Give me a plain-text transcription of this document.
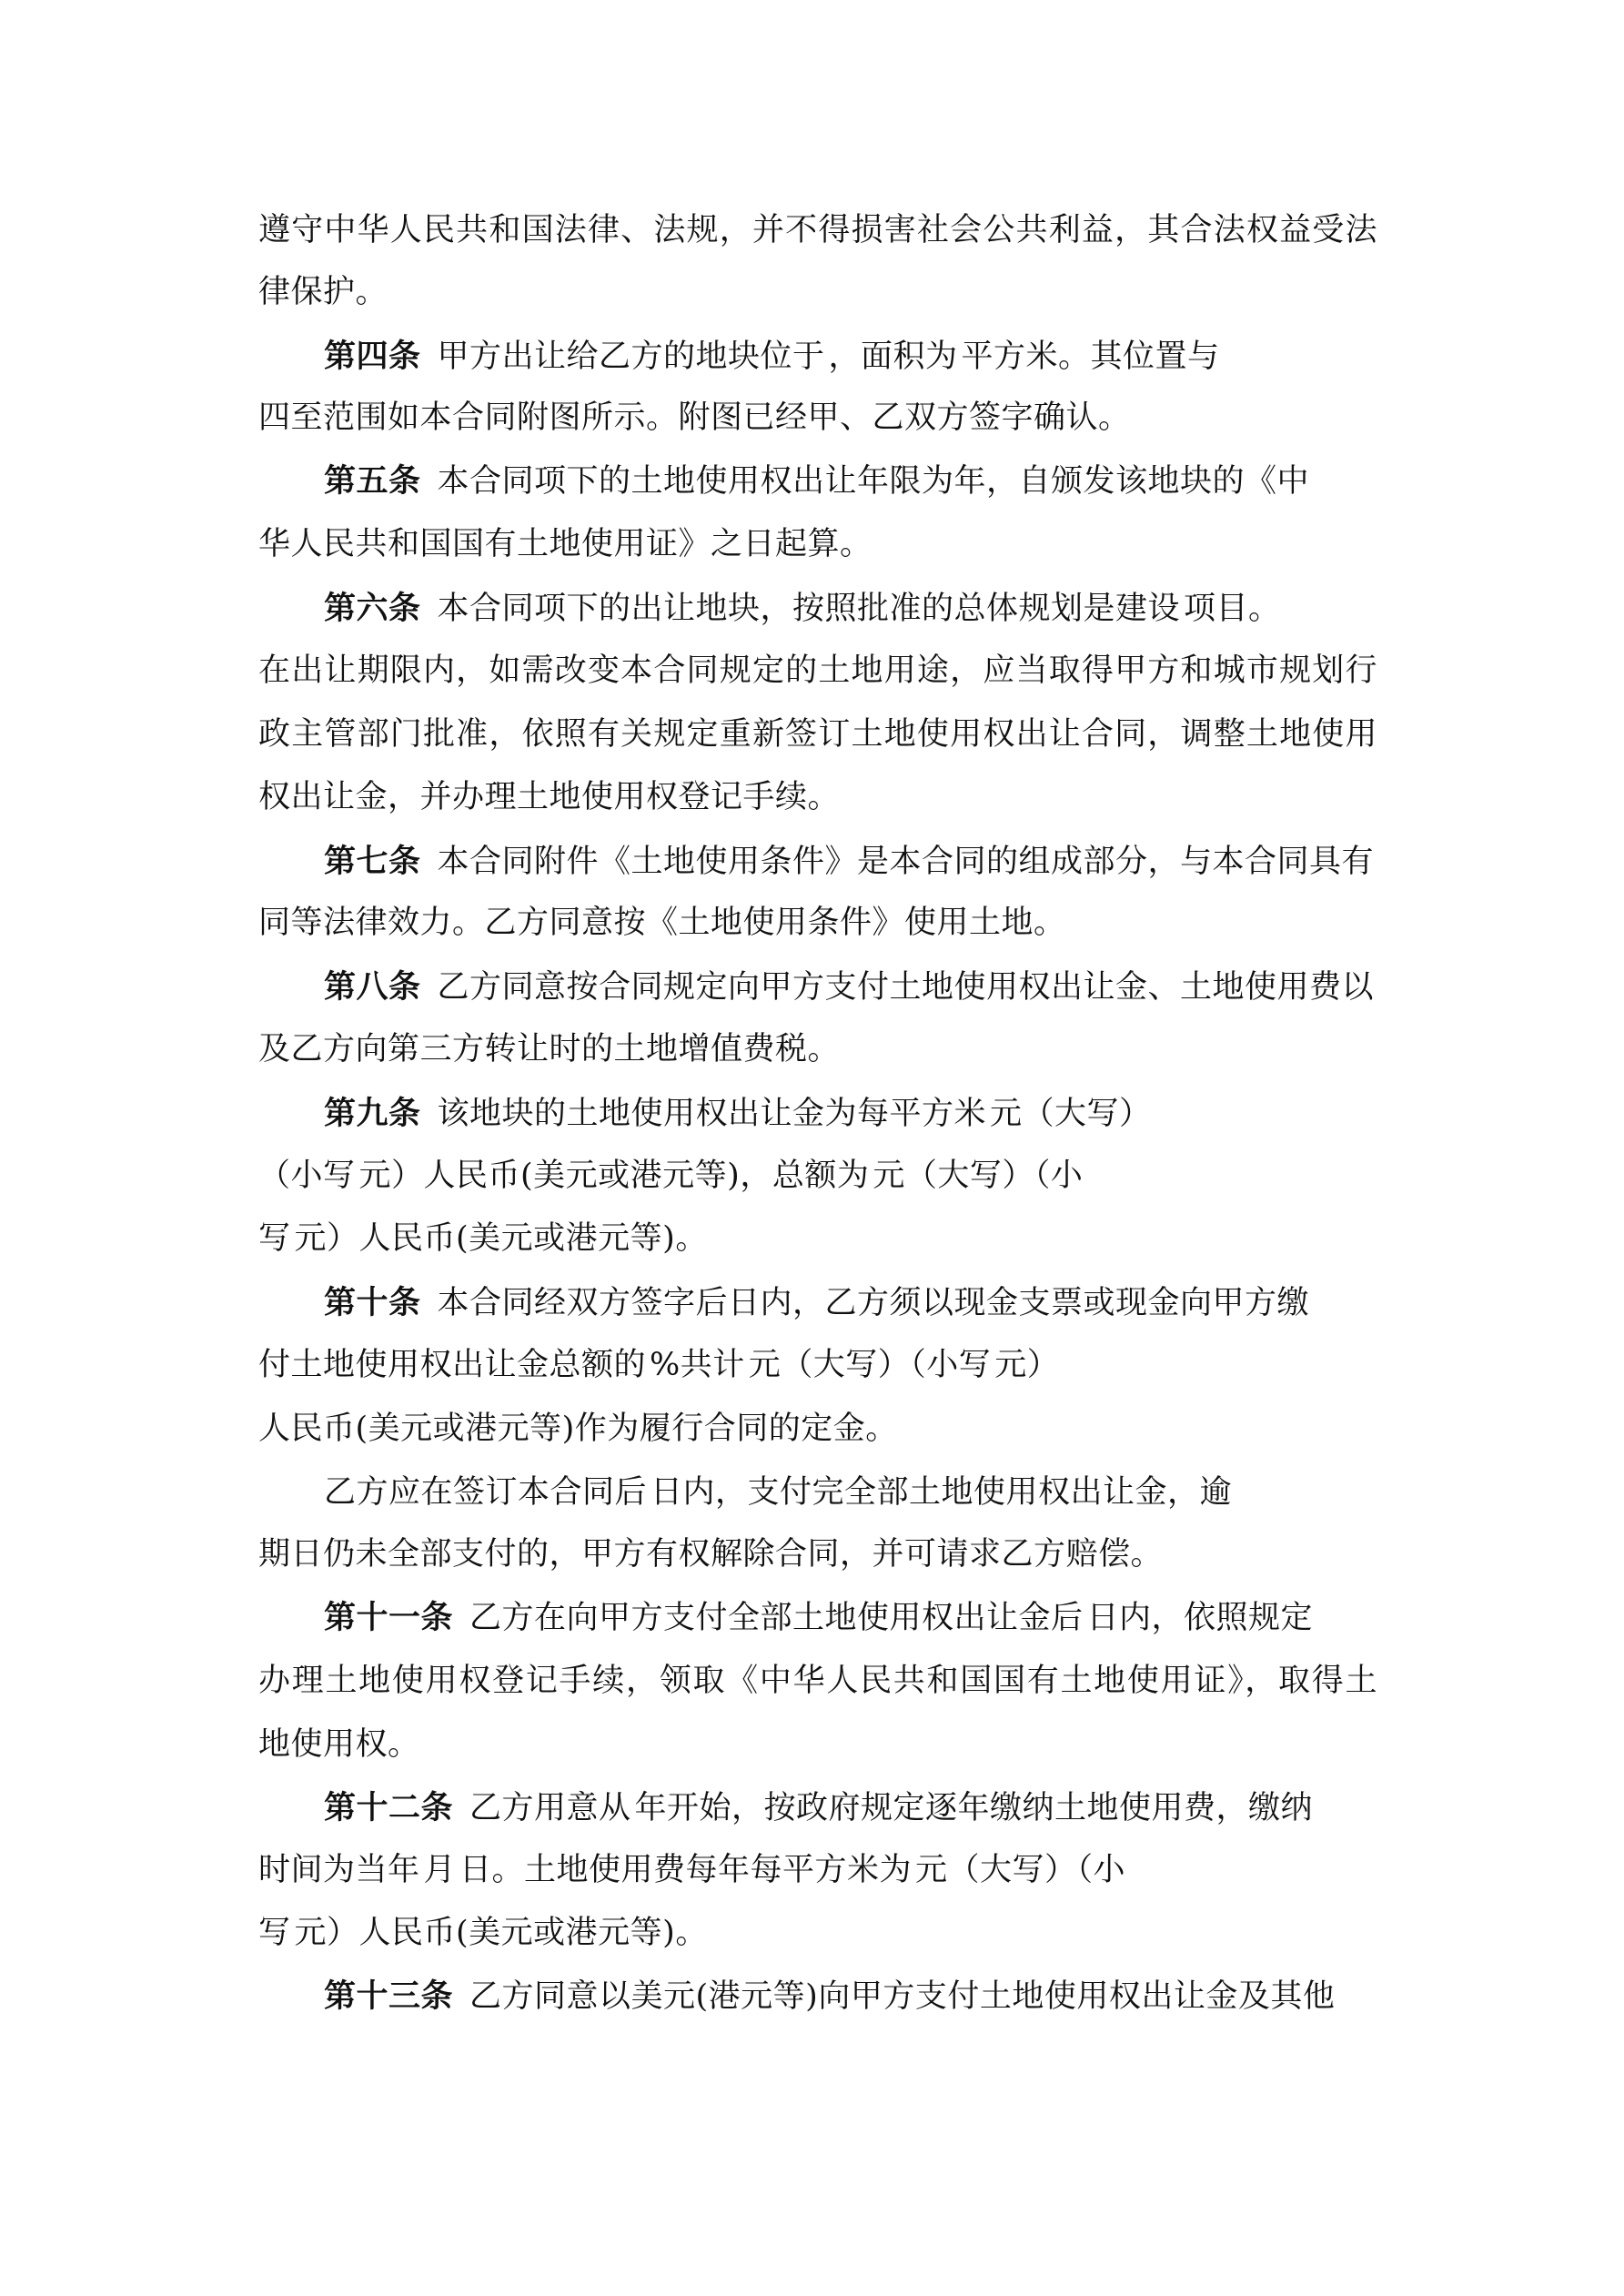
遵守中华人民共和国法律、法规，并不得损害社会公共利益，其合法权益受法

律保护。

第四条 甲方出让给乙方的地块位于 ，面积为 平方米。其位置与

四至范围如本合同附图所示。附图已经甲、乙双方签字确认。

第五条 本合同项下的土地使用权出让年限为年，自颁发该地块的《中

华人民共和国国有土地使用证》之日起算。

第六条 本合同项下的出让地块，按照批准的总体规划是建设 项目。

在出让期限内，如需改变本合同规定的土地用途，应当取得甲方和城市规划行

政主管部门批准，依照有关规定重新签订土地使用权出让合同，调整土地使用

权出让金，并办理土地使用权登记手续。

第七条 本合同附件《土地使用条件》是本合同的组成部分，与本合同具有

同等法律效力。乙方同意按《土地使用条件》使用土地。

第八条 乙方同意按合同规定向甲方支付土地使用权出让金、土地使用费以

及乙方向第三方转让时的土地增值费税。

第九条 该地块的土地使用权出让金为每平方米 元（大写）

（小写 元）人民币(美元或港元等)，总额为 元（大写）（小

写 元）人民币(美元或港元等)。

第十条 本合同经双方签字后日内，乙方须以现金支票或现金向甲方缴

付土地使用权出让金总额的 %共计 元（大写）（小写 元）

人民币(美元或港元等)作为履行合同的定金。

乙方应在签订本合同后 日内，支付完全部土地使用权出让金，逾

期日仍未全部支付的，甲方有权解除合同，并可请求乙方赔偿。

第十一条 乙方在向甲方支付全部土地使用权出让金后 日内，依照规定

办理土地使用权登记手续，领取《中华人民共和国国有土地使用证》，取得土

地使用权。

第十二条 乙方用意从 年开始，按政府规定逐年缴纳土地使用费，缴纳

时间为当年 月 日。土地使用费每年每平方米为 元（大写）（小

写 元）人民币(美元或港元等)。

第十三条 乙方同意以美元(港元等)向甲方支付土地使用权出让金及其他
